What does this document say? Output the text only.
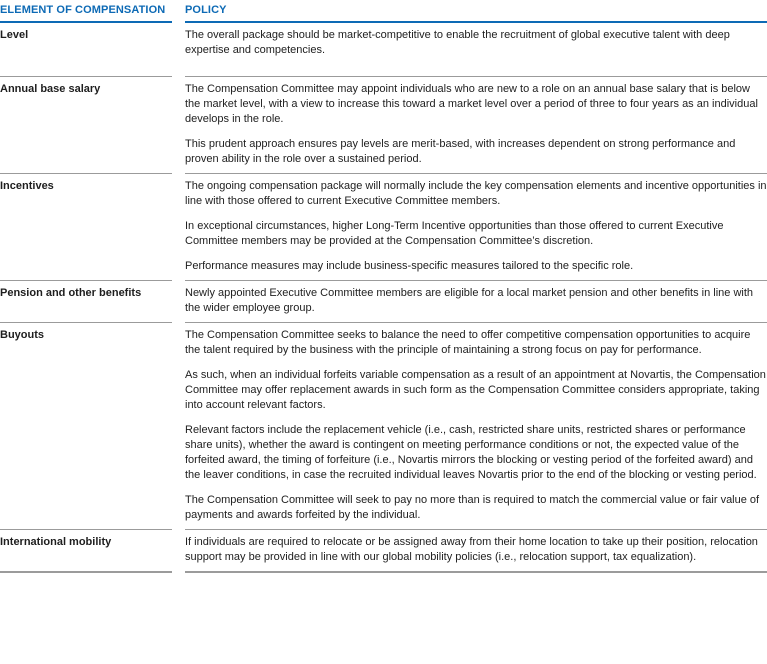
ELEMENT OF COMPENSATION	POLICY
Level	The overall package should be market-competitive to enable the recruitment of global executive talent with deep expertise and competencies.

Annual base salary	The Compensation Committee may appoint individuals who are new to a role on an annual base salary that is below the market level, with a view to increase this toward a market level over a period of three to four years as an individual develops in the role.

This prudent approach ensures pay levels are merit-based, with increases dependent on strong performance and proven ability in the role over a sustained period.

Incentives	The ongoing compensation package will normally include the key compensation elements and incentive opportunities in line with those offered to current Executive Committee members.

In exceptional circumstances, higher Long-Term Incentive opportunities than those offered to current Executive Committee members may be provided at the Compensation Committee’s discretion.

Performance measures may include business-specific measures tailored to the specific role.

Pension and other benefits	Newly appointed Executive Committee members are eligible for a local market pension and other benefits in line with the wider employee group.

Buyouts	The Compensation Committee seeks to balance the need to offer competitive compensation opportunities to acquire the talent required by the business with the principle of maintaining a strong focus on pay for performance.

As such, when an individual forfeits variable compensation as a result of an appointment at Novartis, the Compensation Committee may offer replacement awards in such form as the Compensation Committee considers appropriate, taking into account relevant factors.

Relevant factors include the replacement vehicle (i.e., cash, restricted share units, restricted shares or performance share units), whether the award is contingent on meeting performance conditions or not, the expected value of the forfeited award, the timing of forfeiture (i.e., Novartis mirrors the blocking or vesting period of the forfeited award) and the leaver conditions, in case the recruited individual leaves Novartis prior to the end of the blocking or vesting period.

The Compensation Committee will seek to pay no more than is required to match the commercial value or fair value of payments and awards forfeited by the individual.

International mobility	If individuals are required to relocate or be assigned away from their home location to take up their position, relocation support may be provided in line with our global mobility policies (i.e., relocation support, tax equalization).
